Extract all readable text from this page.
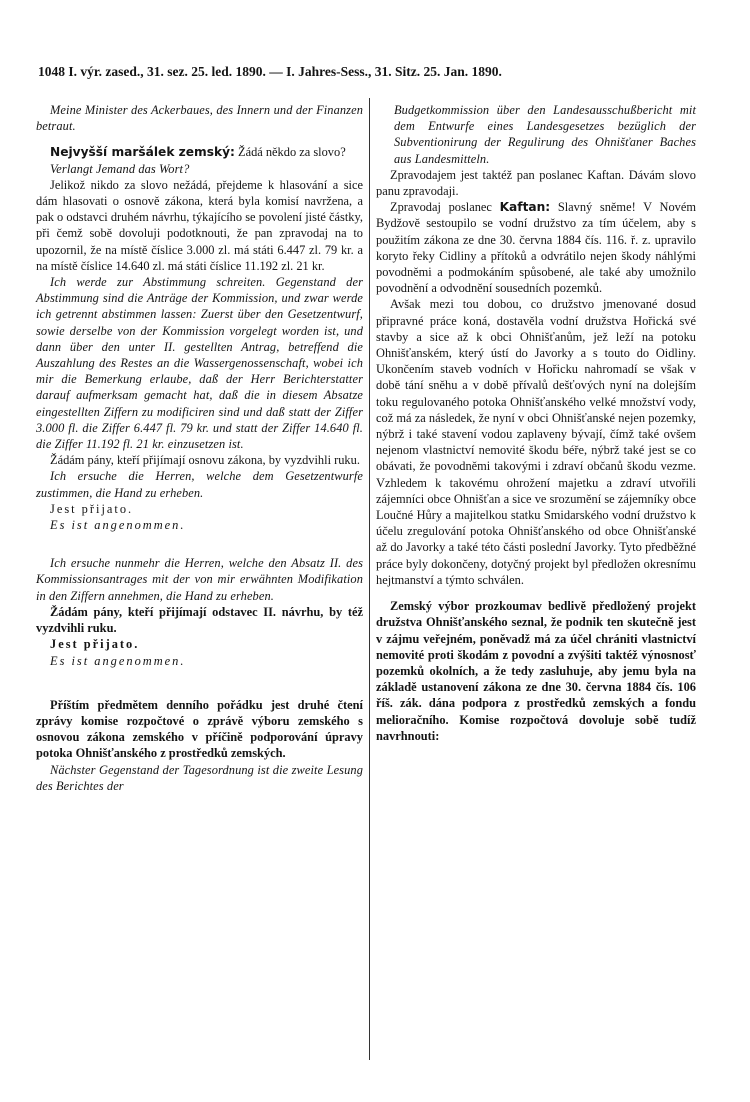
1048 I. výr. zased., 31. sez. 25. led. 1890. — I. Jahres-Sess., 31. Sitz. 25. Jan. 1890.

Meine Minister des Ackerbaues, des Innern und der Finanzen betraut.

Nejvyšší maršálek zemský: Žádá někdo za slovo?

Verlangt Jemand das Wort?

Jelikož nikdo za slovo nežádá, přejdeme k hlasování a sice dám hlasovati o osnově zákona, která byla komisí navržena, a pak o odstavci druhém návrhu, týkajícího se povolení jisté částky, při čemž sobě dovoluji podotknouti, že pan zpravodaj na to upozornil, že na místě číslice 3.000 zl. má státi 6.447 zl. 79 kr. a na místě číslice 14.640 zl. má státi číslice 11.192 zl. 21 kr.

Ich werde zur Abstimmung schreiten. Gegenstand der Abstimmung sind die Anträge der Kommission, und zwar werde ich getrennt abstimmen lassen: Zuerst über den Gesetzentwurf, sowie derselbe von der Kommission vorgelegt worden ist, und dann über den unter II. gestellten Antrag, betreffend die Auszahlung des Restes an die Wassergenossenschaft, wobei ich mir die Bemerkung erlaube, daß der Herr Berichterstatter darauf aufmerksam gemacht hat, daß die in diesem Absatze eingestellten Ziffern zu modificiren sind und daß statt der Ziffer 3.000 fl. die Ziffer 6.447 fl. 79 kr. und statt der Ziffer 14.640 fl. die Ziffer 11.192 fl. 21 kr. einzusetzen ist.

Žádám pány, kteří přijímají osnovu zákona, by vyzdvihli ruku.

Ich ersuche die Herren, welche dem Gesetzentwurfe zustimmen, die Hand zu erheben.

Jest přijato.

Es ist angenommen.

Ich ersuche nunmehr die Herren, welche den Absatz II. des Kommissionsantrages mit der von mir erwähnten Modifikation in den Ziffern annehmen, die Hand zu erheben.

Žádám pány, kteří přijímají odstavec II. návrhu, by též vyzdvihli ruku.

Jest přijato.

Es ist angenommen.

Příštím předmětem denního pořádku jest druhé čtení zprávy komise rozpočtové o zprávě výboru zemského s osnovou zákona zemského v příčině podporování úpravy potoka Ohnišťanského z prostředků zemských.

Nächster Gegenstand der Tagesordnung ist die zweite Lesung des Berichtes der

Budgetkommission über den Landesausschußbericht mit dem Entwurfe eines Landesgesetzes bezüglich der Subventionirung der Regulirung des Ohnišťaner Baches aus Landesmitteln.

Zpravodajem jest taktéž pan poslanec Kaftan. Dávám slovo panu zpravodaji.

Zpravodaj poslanec Kaftan: Slavný sněme! V Novém Bydžově sestoupilo se vodní družstvo za tím účelem, aby s použitím zákona ze dne 30. června 1884 čís. 116. ř. z. upravilo koryto řeky Cidliny a přítoků a odvrátilo nejen škody náhlými povodněmi a podmokáním spůsobené, ale také aby umožnilo povodnění a odvodnění sousedních pozemků.

Avšak mezi tou dobou, co družstvo jmenované dosud připravné práce koná, dostavěla vodní družstva Hořická své stavby a sice až k obci Ohnišťanům, jež leží na potoku Ohnišťanském, který ústí do Javorky a s touto do Oidliny. Ukončením staveb vodních v Hořicku nahromadí se však v době tání sněhu a v době přívalů dešťových nyní na dolejším toku regulovaného potoka Ohnišťanského velké množství vody, což má za následek, že nyní v obci Ohnišťanské nejen pozemky, nýbrž i také stavení vodou zaplaveny bývají, čímž také ovšem nejenom vlastnictví nemovité škodu béře, nýbrž také jest se co obávati, že povodněmi takovými i zdraví občanů škodu vezme. Vzhledem k takovému ohrožení majetku a zdraví utvořili zájemníci obce Ohnišťan a sice ve srozumění se zájemníky obce Loučné Hůry a majitelkou statku Smidarského vodní družstvo k účelu zregulování potoka Ohnišťanského od obce Ohnišťanské až do Javorky a také této části poslední Javorky. Tyto předběžné práce byly dokončeny, dotyčný projekt byl předložen okresnímu hejtmanství a týmto schválen.

Zemský výbor prozkoumav bedlivě předložený projekt družstva Ohnišťanského seznal, že podnik ten skutečně jest v zájmu veřejném, poněvadž má za účel chrániti vlastnictví nemovité proti škodám z povodní a zvýšiti taktéž výnosnosť pozemků okolních, a že tedy zasluhuje, aby jemu byla na základě ustanovení zákona ze dne 30. června 1884 čís. 106 říš. zák. dána podpora z prostředků zemských a fondu melioračního. Komise rozpočtová dovoluje sobě tudíž navrhnouti:
